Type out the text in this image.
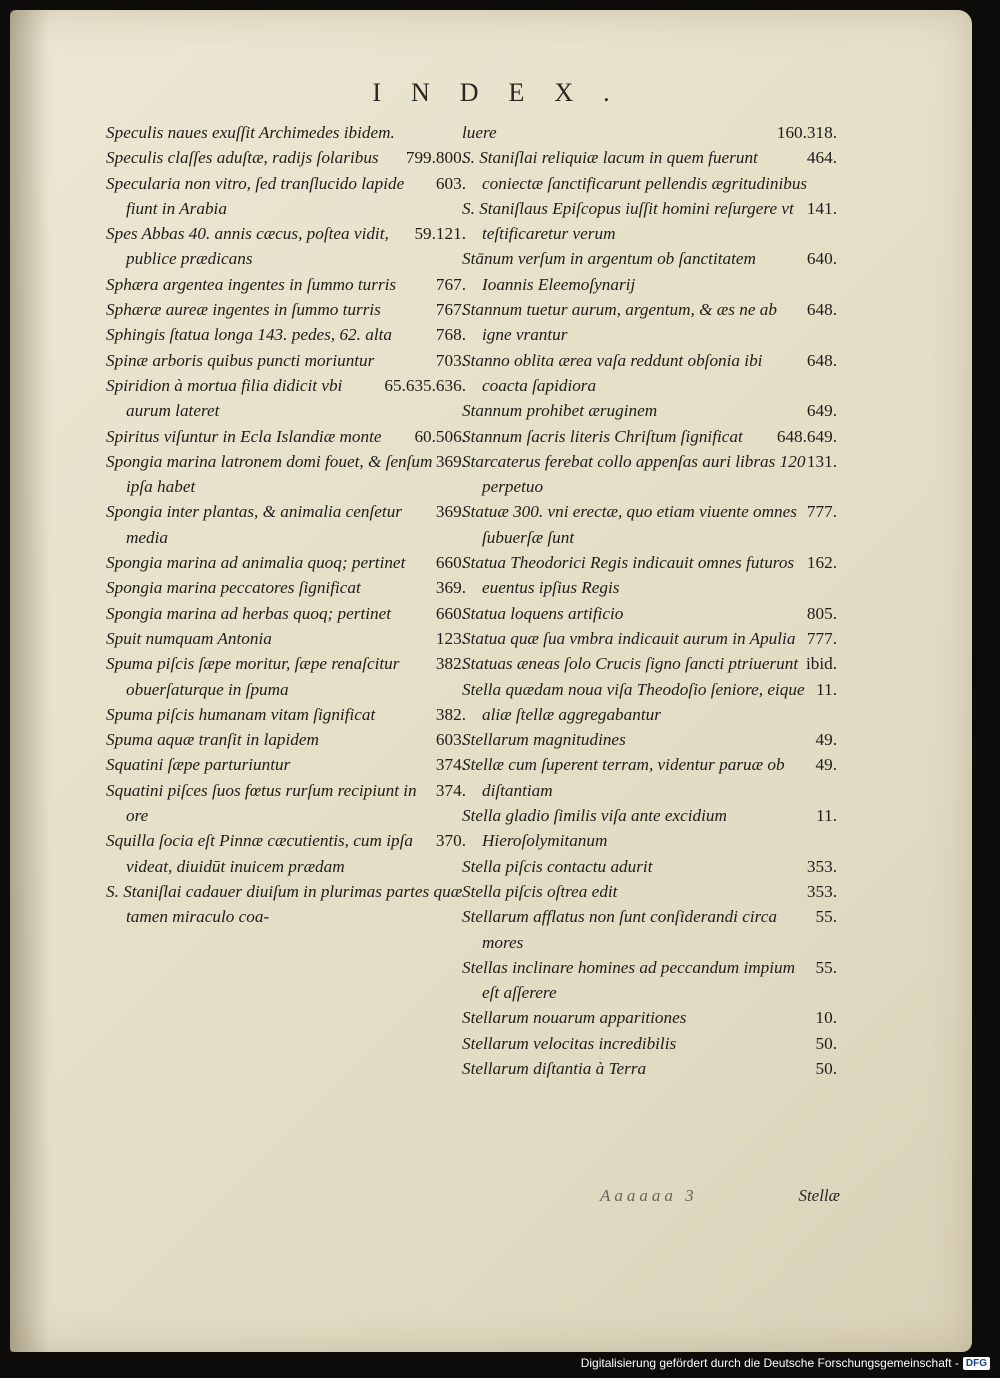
INDEX.
Speculis naues exuſſit Archimedes ibidem.
799.800.
Speculis claſſes aduſtæ, radijs ſolaribus
603.
Specularia non vitro, ſed tranſlucido lapide fiunt in Arabia
59.121.
Spes Abbas 40. annis cæcus, poſtea vidit, publice prædicans
767.
Sphæra argentea ingentes in ſummo turris
767.
Sphæræ aureæ ingentes in ſummo turris
768.
Sphingis ſtatua longa 143. pedes, 62. alta
703.
Spinæ arboris quibus puncti moriuntur
65.635.636.
Spiridion à mortua filia didicit vbi aurum lateret
60.506.
Spiritus viſuntur in Ecla Islandiæ monte
369.
Spongia marina latronem domi fouet, & ſenſum ipſa habet
369.
Spongia inter plantas, & animalia cenſetur media
660.
Spongia marina ad animalia quoq; pertinet
369.
Spongia marina peccatores ſignificat
660.
Spongia marina ad herbas quoq; pertinet
123.
Spuit numquam Antonia
382.
Spuma piſcis ſæpe moritur, ſæpe renaſcitur obuerſaturque in ſpuma
382.
Spuma piſcis humanam vitam ſignificat
603.
Spuma aquæ tranſit in lapidem
374.
Squatini ſæpe parturiuntur
374.
Squatini piſces ſuos fœtus rurſum recipiunt in ore
370.
Squilla ſocia eſt Pinnæ cæcutientis, cum ipſa videat, diuidūt inuicem prædam
S. Staniſlai cadauer diuiſum in plurimas partes quæ tamen miraculo coa-
160.318.
luere
464.
S. Staniſlai reliquiæ lacum in quem fuerunt coniectæ ſanctificarunt pellendis ægritudinibus
141.
S. Staniſlaus Epiſcopus iuſſit homini reſurgere vt teſtificaretur verum
640.
Stānum verſum in argentum ob ſanctitatem Ioannis Eleemoſynarij
648.
Stannum tuetur aurum, argentum, & æs ne ab igne vrantur
648.
Stanno oblita ærea vaſa reddunt obſonia ibi coacta ſapidiora
649.
Stannum prohibet æruginem
648.649.
Stannum ſacris literis Chriſtum ſignificat
131.
Starcaterus ferebat collo appenſas auri libras 120 perpetuo
777.
Statuæ 300. vni erectæ, quo etiam viuente omnes ſubuerſæ ſunt
162.
Statua Theodorici Regis indicauit omnes futuros euentus ipſius Regis
805.
Statua loquens artificio
777.
Statua quæ ſua vmbra indicauit aurum in Apulia
ibid.
Statuas æneas ſolo Crucis ſigno ſancti ptriuerunt
11.
Stella quædam noua viſa Theodoſio ſeniore, eique aliæ ſtellæ aggregabantur
49.
Stellarum magnitudines
49.
Stellæ cum ſuperent terram, videntur paruæ ob diſtantiam
11.
Stella gladio ſimilis viſa ante excidium Hieroſolymitanum
353.
Stella piſcis contactu adurit
353.
Stella piſcis oſtrea edit
55.
Stellarum afflatus non ſunt conſiderandi circa mores
55.
Stellas inclinare homines ad peccandum impium eſt aſſerere
10.
Stellarum nouarum apparitiones
50.
Stellarum velocitas incredibilis
50.
Stellarum diſtantia à Terra
Aaaaaa 3	Stellæ
Digitalisierung gefördert durch die Deutsche Forschungsgemeinschaft - DFG
